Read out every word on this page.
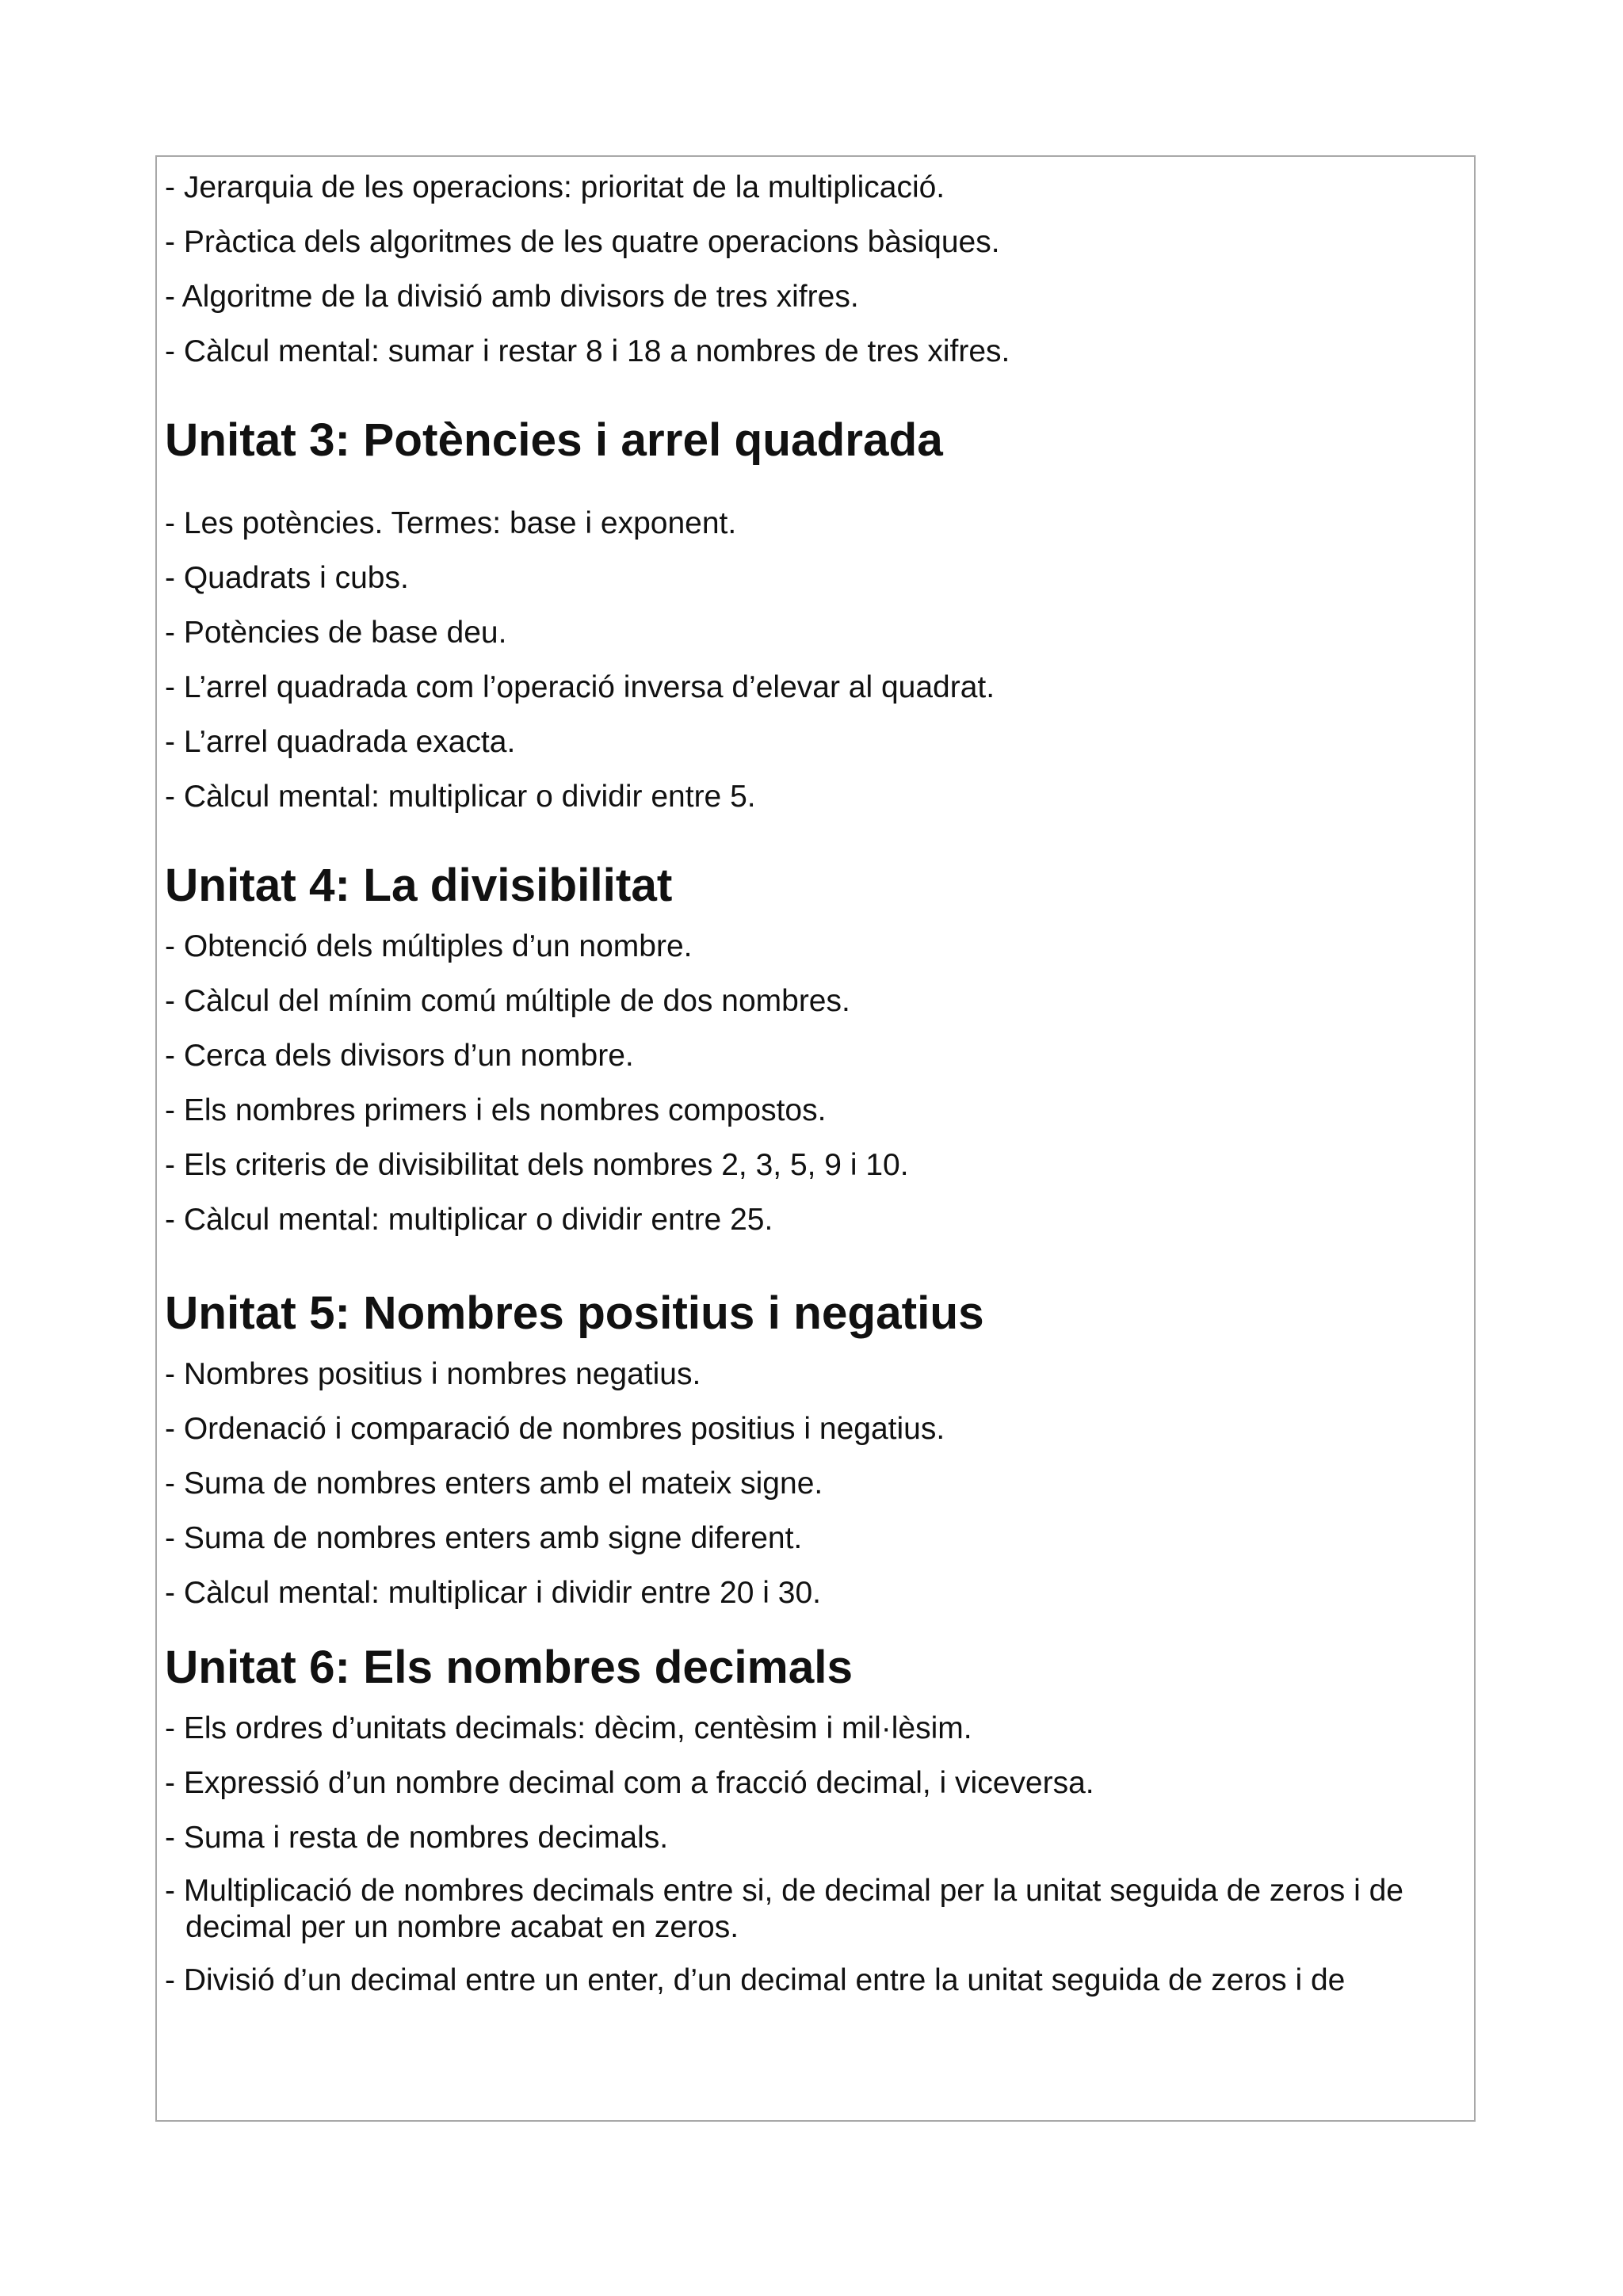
- Jerarquia de les operacions: prioritat de la multiplicació.

- Pràctica dels algoritmes de les quatre operacions bàsiques.

- Algoritme de la divisió amb divisors de tres xifres.

- Càlcul mental: sumar i restar 8 i 18 a nombres de tres xifres.

Unitat 3: Potències i arrel quadrada

- Les potències. Termes: base i exponent.

- Quadrats i cubs.

- Potències de base deu.

- L’arrel quadrada com l’operació inversa d’elevar al quadrat.

- L’arrel quadrada exacta.

- Càlcul mental: multiplicar o dividir entre 5.

Unitat 4: La divisibilitat

- Obtenció dels múltiples d’un nombre.

- Càlcul del mínim comú múltiple de dos nombres.

- Cerca dels divisors d’un nombre.

- Els nombres primers i els nombres compostos.

- Els criteris de divisibilitat dels nombres 2, 3, 5, 9 i 10.

- Càlcul mental: multiplicar o dividir entre 25.

Unitat 5: Nombres positius i negatius

- Nombres positius i nombres negatius.

- Ordenació i comparació de nombres positius i negatius.

- Suma de nombres enters amb el mateix signe.

- Suma de nombres enters amb signe diferent.

- Càlcul mental: multiplicar i dividir entre 20 i 30.

Unitat 6: Els nombres decimals

- Els ordres d’unitats decimals: dècim, centèsim i mil·lèsim.

- Expressió d’un nombre decimal com a fracció decimal, i viceversa.

- Suma i resta de nombres decimals.

- Multiplicació de nombres decimals entre si, de decimal per la unitat seguida de zeros i de decimal per un nombre acabat en zeros.

- Divisió d’un decimal entre un enter, d’un decimal entre la unitat seguida de zeros i de
